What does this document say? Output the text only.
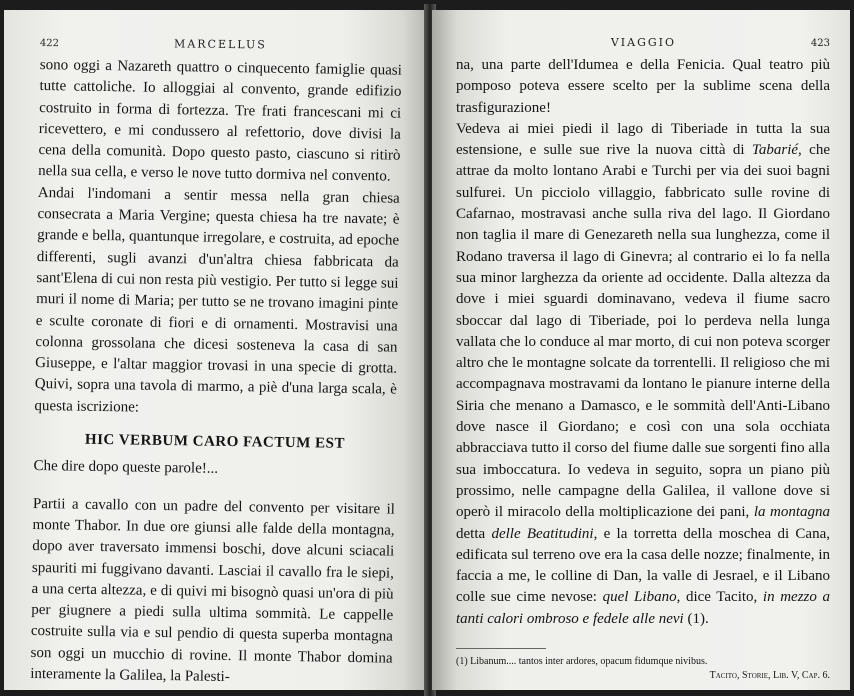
422	MARCELLUS

sono oggi a Nazareth quattro o cinquecento famiglie quasi tutte cattoliche. Io alloggiai al convento, grande edifizio costruito in forma di fortezza. Tre frati francescani mi ci ricevettero, e mi condussero al refettorio, dove divisi la cena della comunità. Dopo questo pasto, ciascuno si ritirò nella sua cella, e verso le nove tutto dormiva nel convento.

Andai l'indomani a sentir messa nella gran chiesa consecrata a Maria Vergine; questa chiesa ha tre navate; è grande e bella, quantunque irregolare, e costruita, ad epoche differenti, sugli avanzi d'un'altra chiesa fabbricata da sant'Elena di cui non resta più vestigio. Per tutto si legge sui muri il nome di Maria; per tutto se ne trovano imagini pinte e sculte coronate di fiori e di ornamenti. Mostravisi una colonna grossolana che dicesi sosteneva la casa di san Giuseppe, e l'altar maggior trovasi in una specie di grotta. Quivi, sopra una tavola di marmo, a piè d'una larga scala, è questa iscrizione:

HIC VERBUM CARO FACTUM EST

Che dire dopo queste parole!...

Partii a cavallo con un padre del convento per visitare il monte Thabor. In due ore giunsi alle falde della montagna, dopo aver traversato immensi boschi, dove alcuni sciacali spauriti mi fuggivano davanti. Lasciai il cavallo fra le siepi, a una certa altezza, e di quivi mi bisognò quasi un'ora di più per giugnere a piedi sulla ultima sommità. Le cappelle costruite sulla via e sul pendio di questa superba montagna son oggi un mucchio di rovine. Il monte Thabor domina interamente la Galilea, la Palesti-

VIAGGIO	423

na, una parte dell'Idumea e della Fenicia. Qual teatro più pomposo poteva essere scelto per la sublime scena della trasfigurazione!

Vedeva ai miei piedi il lago di Tiberiade in tutta la sua estensione, e sulle sue rive la nuova città di Tabarié, che attrae da molto lontano Arabi e Turchi per via dei suoi bagni sulfurei. Un picciolo villaggio, fabbricato sulle rovine di Cafarnao, mostravasi anche sulla riva del lago. Il Giordano non taglia il mare di Genezareth nella sua lunghezza, come il Rodano traversa il lago di Ginevra; al contrario ei lo fa nella sua minor larghezza da oriente ad occidente. Dalla altezza da dove i miei sguardi dominavano, vedeva il fiume sacro sboccar dal lago di Tiberiade, poi lo perdeva nella lunga vallata che lo conduce al mar morto, di cui non poteva scorger altro che le montagne solcate da torrentelli. Il religioso che mi accompagnava mostravami da lontano le pianure interne della Siria che menano a Damasco, e le sommità dell'Anti-Libano dove nasce il Giordano; e così con una sola occhiata abbracciava tutto il corso del fiume dalle sue sorgenti fino alla sua imboccatura. Io vedeva in seguito, sopra un piano più prossimo, nelle campagne della Galilea, il vallone dove si operò il miracolo della moltiplicazione dei pani, la montagna detta delle Beatitudini, e la torretta della moschea di Cana, edificata sul terreno ove era la casa delle nozze; finalmente, in faccia a me, le colline di Dan, la valle di Jesrael, e il Libano colle sue cime nevose: quel Libano, dice Tacito, in mezzo a tanti calori ombroso e fedele alle nevi (1).

(1) Libanum.... tantos inter ardores, opacum fidumque nivibus.
Tacito, Storie, Lib. V, Cap. 6.
